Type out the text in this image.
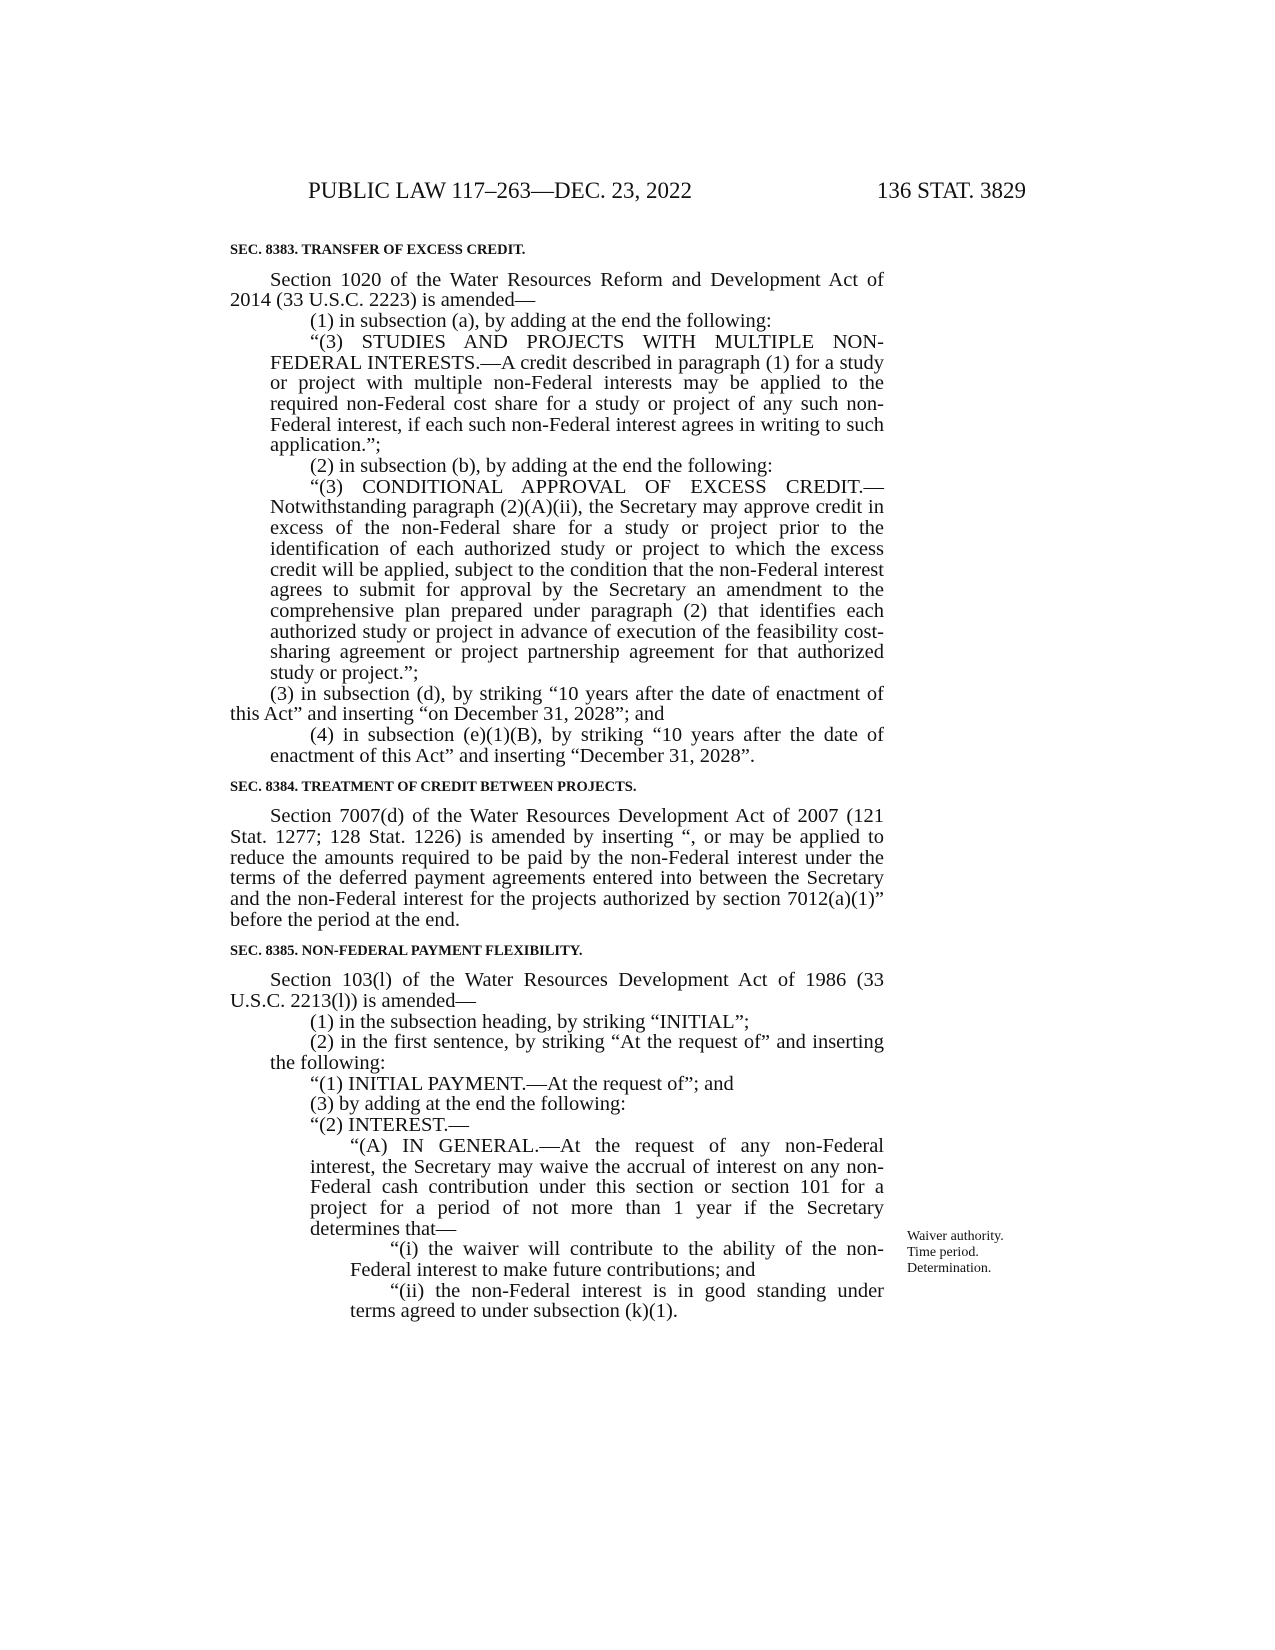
PUBLIC LAW 117–263—DEC. 23, 2022	136 STAT. 3829
SEC. 8383. TRANSFER OF EXCESS CREDIT.

Section 1020 of the Water Resources Reform and Development Act of 2014 (33 U.S.C. 2223) is amended—

(1) in subsection (a), by adding at the end the following:

“(3) STUDIES AND PROJECTS WITH MULTIPLE NON-FEDERAL INTERESTS.—A credit described in paragraph (1) for a study or project with multiple non-Federal interests may be applied to the required non-Federal cost share for a study or project of any such non-Federal interest, if each such non-Federal interest agrees in writing to such application.”;

(2) in subsection (b), by adding at the end the following:

“(3) CONDITIONAL APPROVAL OF EXCESS CREDIT.—Notwithstanding paragraph (2)(A)(ii), the Secretary may approve credit in excess of the non-Federal share for a study or project prior to the identification of each authorized study or project to which the excess credit will be applied, subject to the condition that the non-Federal interest agrees to submit for approval by the Secretary an amendment to the comprehensive plan prepared under paragraph (2) that identifies each authorized study or project in advance of execution of the feasibility cost-sharing agreement or project partnership agreement for that authorized study or project.”;

(3) in subsection (d), by striking “10 years after the date of enactment of this Act” and inserting “on December 31, 2028”; and

(4) in subsection (e)(1)(B), by striking “10 years after the date of enactment of this Act” and inserting “December 31, 2028”.

SEC. 8384. TREATMENT OF CREDIT BETWEEN PROJECTS.

Section 7007(d) of the Water Resources Development Act of 2007 (121 Stat. 1277; 128 Stat. 1226) is amended by inserting “, or may be applied to reduce the amounts required to be paid by the non-Federal interest under the terms of the deferred payment agreements entered into between the Secretary and the non-Federal interest for the projects authorized by section 7012(a)(1)” before the period at the end.

SEC. 8385. NON-FEDERAL PAYMENT FLEXIBILITY.

Section 103(l) of the Water Resources Development Act of 1986 (33 U.S.C. 2213(l)) is amended—

(1) in the subsection heading, by striking “INITIAL”;

(2) in the first sentence, by striking “At the request of” and inserting the following:

“(1) INITIAL PAYMENT.—At the request of”; and

(3) by adding at the end the following:

“(2) INTEREST.—

“(A) IN GENERAL.—At the request of any non-Federal interest, the Secretary may waive the accrual of interest on any non-Federal cash contribution under this section or section 101 for a project for a period of not more than 1 year if the Secretary determines that—

“(i) the waiver will contribute to the ability of the non-Federal interest to make future contributions; and

“(ii) the non-Federal interest is in good standing under terms agreed to under subsection (k)(1).

Waiver authority.
Time period.
Determination.
